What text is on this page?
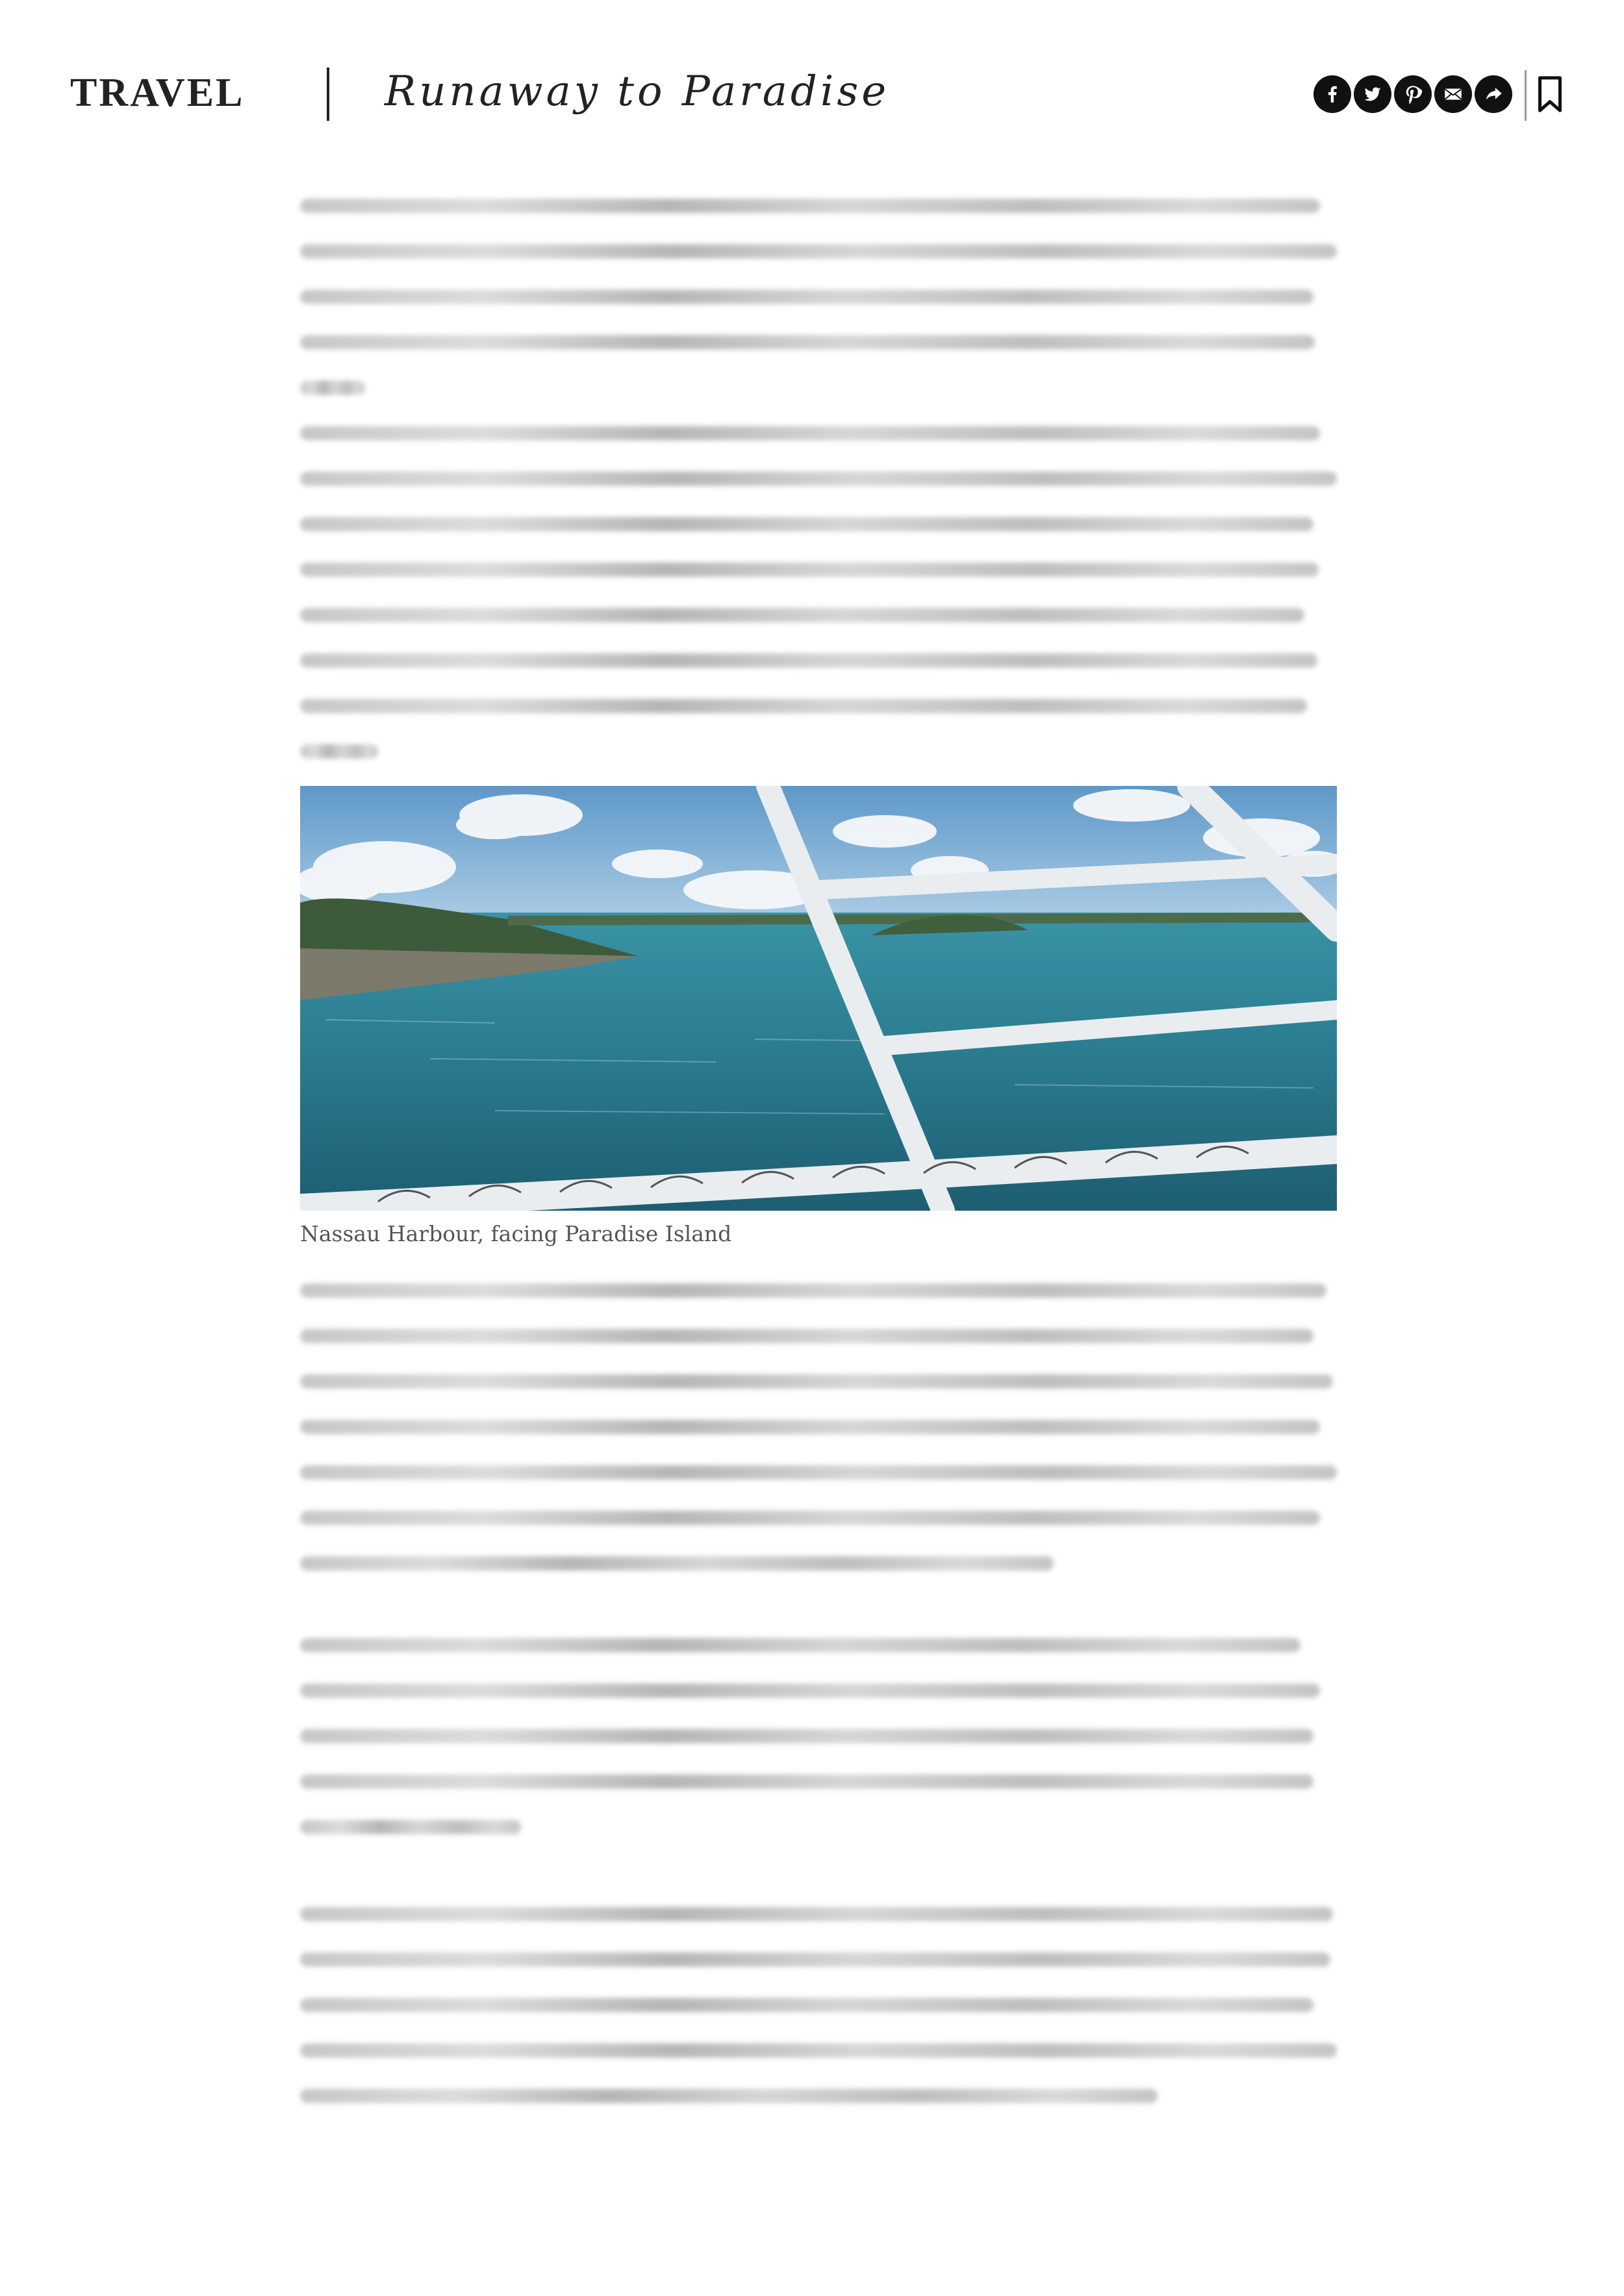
TRAVEL	Runaway to Paradise
Nassau Harbour, facing Paradise Island
